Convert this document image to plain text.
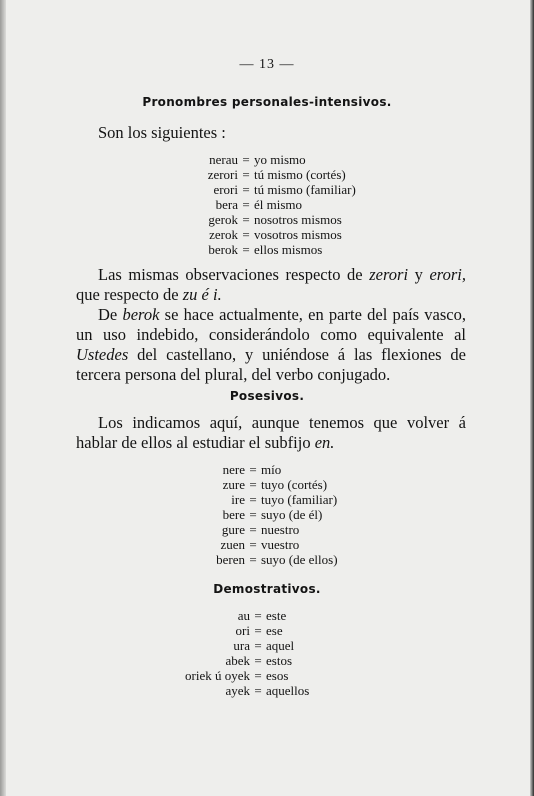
— 13 —
Pronombres personales-intensivos.
Son los siguientes :
nerau = yo mismo
zerori = tú mismo (cortés)
erori = tú mismo (familiar)
bera = él mismo
gerok = nosotros mismos
zerok = vosotros mismos
berok = ellos mismos
Las mismas observaciones respecto de zerori y erori, que respecto de zu é i.
De berok se hace actualmente, en parte del país vasco, un uso indebido, considerándolo como equivalente al Ustedes del castellano, y uniéndose á las flexiones de tercera persona del plural, del verbo conjugado.
Posesivos.
Los indicamos aquí, aunque tenemos que volver á hablar de ellos al estudiar el subfijo en.
nere = mío
zure = tuyo (cortés)
ire = tuyo (familiar)
bere = suyo (de él)
gure = nuestro
zuen = vuestro
beren = suyo (de ellos)
Demostrativos.
au = este
ori = ese
ura = aquel
abek = estos
oriek ú oyek = esos
ayek = aquellos
